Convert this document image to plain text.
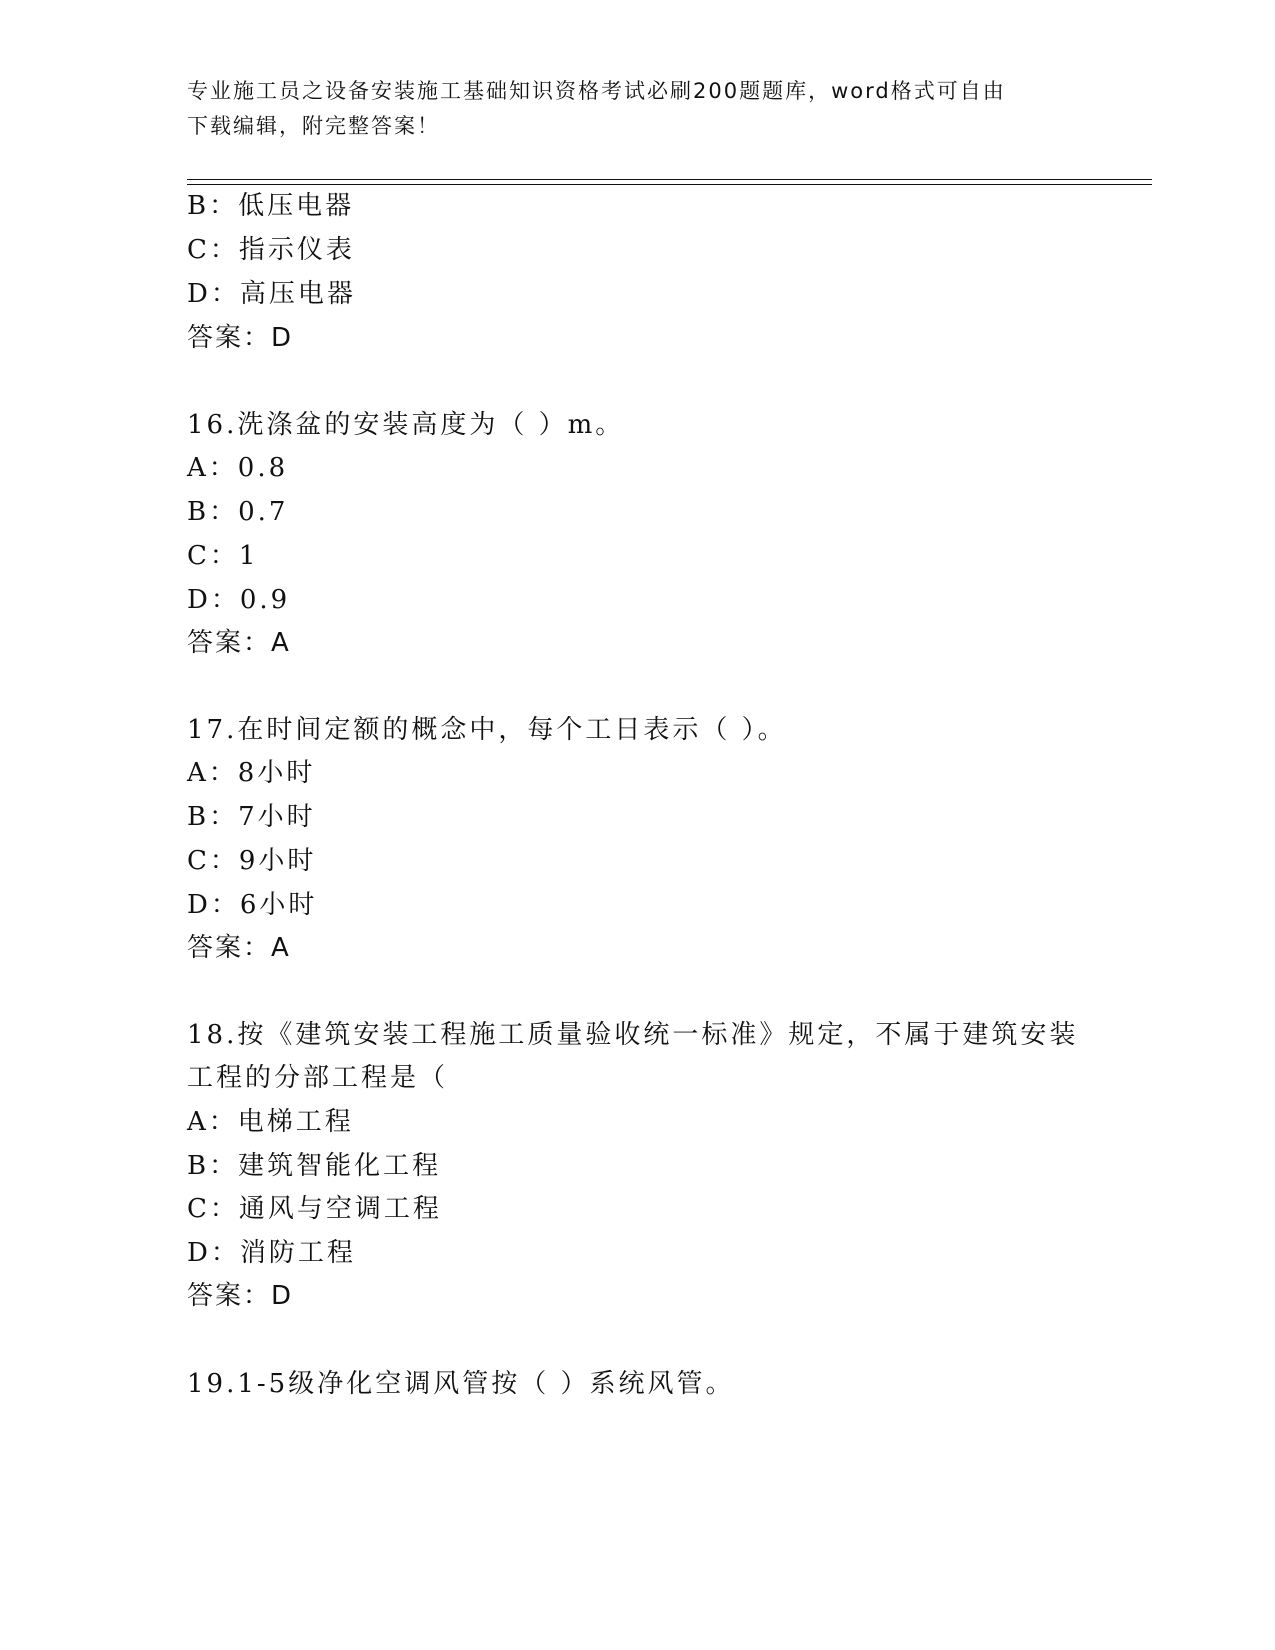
专业施工员之设备安装施工基础知识资格考试必刷200题题库，word格式可自由
下载编辑，附完整答案！
B：低压电器
C：指示仪表
D：高压电器
答案：D
16.洗涤盆的安装高度为（ ）m。
A：0.8
B：0.7
C：1
D：0.9
答案：A
17.在时间定额的概念中，每个工日表示（ ）。
A：8小时
B：7小时
C：9小时
D：6小时
答案：A
18.按《建筑安装工程施工质量验收统一标准》规定，不属于建筑安装
工程的分部工程是（
A：电梯工程
B：建筑智能化工程
C：通风与空调工程
D：消防工程
答案：D
19.1-5级净化空调风管按（ ）系统风管。
